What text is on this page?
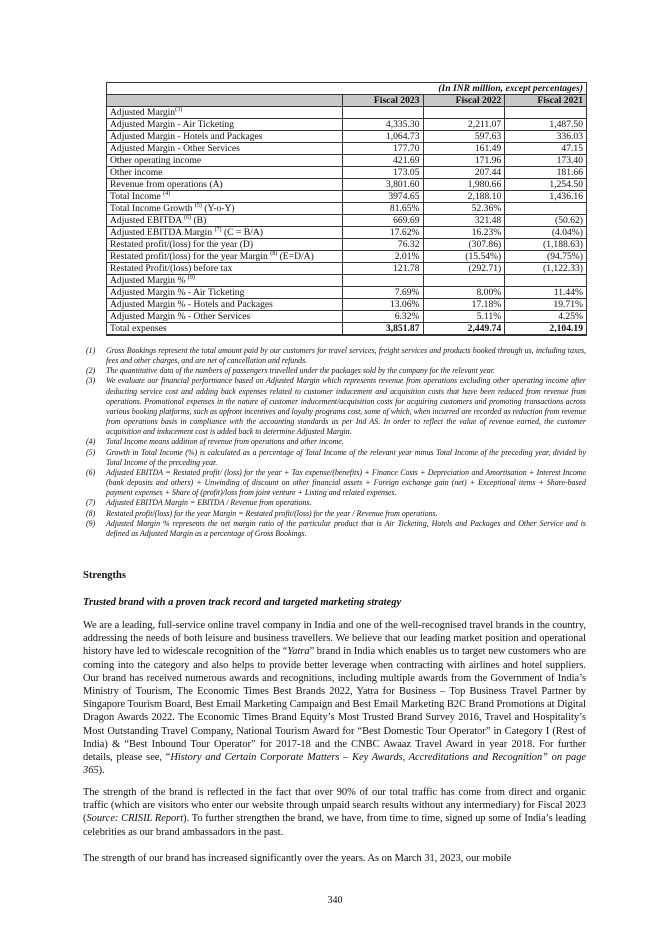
(In INR million, except percentages)			
	Fiscal 2023	Fiscal 2022	Fiscal 2021
Adjusted Margin$^{(3)}$			
Adjusted Margin - Air Ticketing	4,335.30	2,211.07	1,487.50
Adjusted Margin - Hotels and Packages	1,064.73	597.63	336.03
Adjusted Margin - Other Services	177.70	161.49	47.15
Other operating income	421.69	171.96	173.40
Other income	173.05	207.44	181.66
Revenue from operations (A)	3,801.60	1,980.66	1,254.50
Total Income $^{(4)}$	3974.65	2,188.10	1,436.16
Total Income Growth $^{(5)}$ (Y-o-Y)	81.65%	52.36%	
Adjusted EBITDA $^{(6)}$ (B)	669.69	321.48	(50.62)
Adjusted EBITDA Margin $^{(7)}$ (C = B/A)	17.62%	16.23%	(4.04%)
Restated profit/(loss) for the year (D)	76.32	(307.86)	(1,188.63)
Restated profit/(loss) for the year Margin $^{(8)}$ (E=D/A)	2.01%	(15.54%)	(94.75%)
Restated Profit/(loss) before tax	121.78	(292.71)	(1,122.33)
Adjusted Margin % $^{(9)}$			
Adjusted Margin % - Air Ticketing	7.69%	8.00%	11.44%
Adjusted Margin % - Hotels and Packages	13.06%	17.18%	19.71%
Adjusted Margin % - Other Services	6.32%	5.11%	4.25%
Total expenses	3,851.87	2,449.74	2,104.19
(1)	Gross Bookings represent the total amount paid by our customers for travel services, freight services and products booked through us, including taxes, fees and other charges, and are net of cancellation and refunds.
(2)	The quantitative data of the numbers of passengers travelled under the packages sold by the company for the relevant year.
(3)	We evaluate our financial performance based on Adjusted Margin which represents revenue from operations excluding other operating income after deducting service cost and adding back expenses related to customer inducement and acquisition costs that have been reduced from revenue from operations. Promotional expenses in the nature of customer inducement/acquisition costs for acquiring customers and promoting transactions across various booking platforms, such as upfront incentives and loyalty programs cost, some of which, when incurred are recorded as reduction from revenue from operations basis in compliance with the accounting standards as per Ind AS. In order to reflect the value of revenue earned, the customer acquisition and inducement cost is added back to determine Adjusted Margin.
(4)	Total Income means addition of revenue from operations and other income.
(5)	Growth in Total Income (%) is calculated as a percentage of Total Income of the relevant year minus Total Income of the preceding year, divided by Total Income of the preceding year.
(6)	Adjusted EBITDA = Restated profit/ (loss) for the year + Tax expense/(benefits) + Finance Costs + Depreciation and Amortisation + Interest Income (bank deposits and others) + Unwinding of discount on other financial assets + Foreign exchange gain (net) + Exceptional items + Share-based payment expenses + Share of (profit)/loss from joint venture + Listing and related expenses.
(7)	Adjusted EBITDA Margin = EBITDA / Revenue from operations.
(8)	Restated profit/(loss) for the year Margin = Restated profit/(loss) for the year / Revenue from operations.
(9)	Adjusted Margin % represents the net margin ratio of the particular product that is Air Ticketing, Hotels and Packages and Other Service and is defined as Adjusted Margin as a percentage of Gross Bookings.
Strengths
Trusted brand with a proven track record and targeted marketing strategy
We are a leading, full-service online travel company in India and one of the well-recognised travel brands in the country, addressing the needs of both leisure and business travellers. We believe that our leading market position and operational history have led to widescale recognition of the “Yatra” brand in India which enables us to target new customers who are coming into the category and also helps to provide better leverage when contracting with airlines and hotel suppliers. Our brand has received numerous awards and recognitions, including multiple awards from the Government of India’s Ministry of Tourism, The Economic Times Best Brands 2022, Yatra for Business – Top Business Travel Partner by Singapore Tourism Board, Best Email Marketing Campaign and Best Email Marketing B2C Brand Promotions at Digital Dragon Awards 2022. The Economic Times Brand Equity’s Most Trusted Brand Survey 2016, Travel and Hospitality’s Most Outstanding Travel Company, National Tourism Award for “Best Domestic Tour Operator” in Category I (Rest of India) & “Best Inbound Tour Operator” for 2017-18 and the CNBC Awaaz Travel Award in year 2018. For further details, please see, “History and Certain Corporate Matters – Key Awards, Accreditations and Recognition” on page 365).
The strength of the brand is reflected in the fact that over 90% of our total traffic has come from direct and organic traffic (which are visitors who enter our website through unpaid search results without any intermediary) for Fiscal 2023 (Source: CRISIL Report). To further strengthen the brand, we have, from time to time, signed up some of India’s leading celebrities as our brand ambassadors in the past.
The strength of our brand has increased significantly over the years. As on March 31, 2023, our mobile
340
